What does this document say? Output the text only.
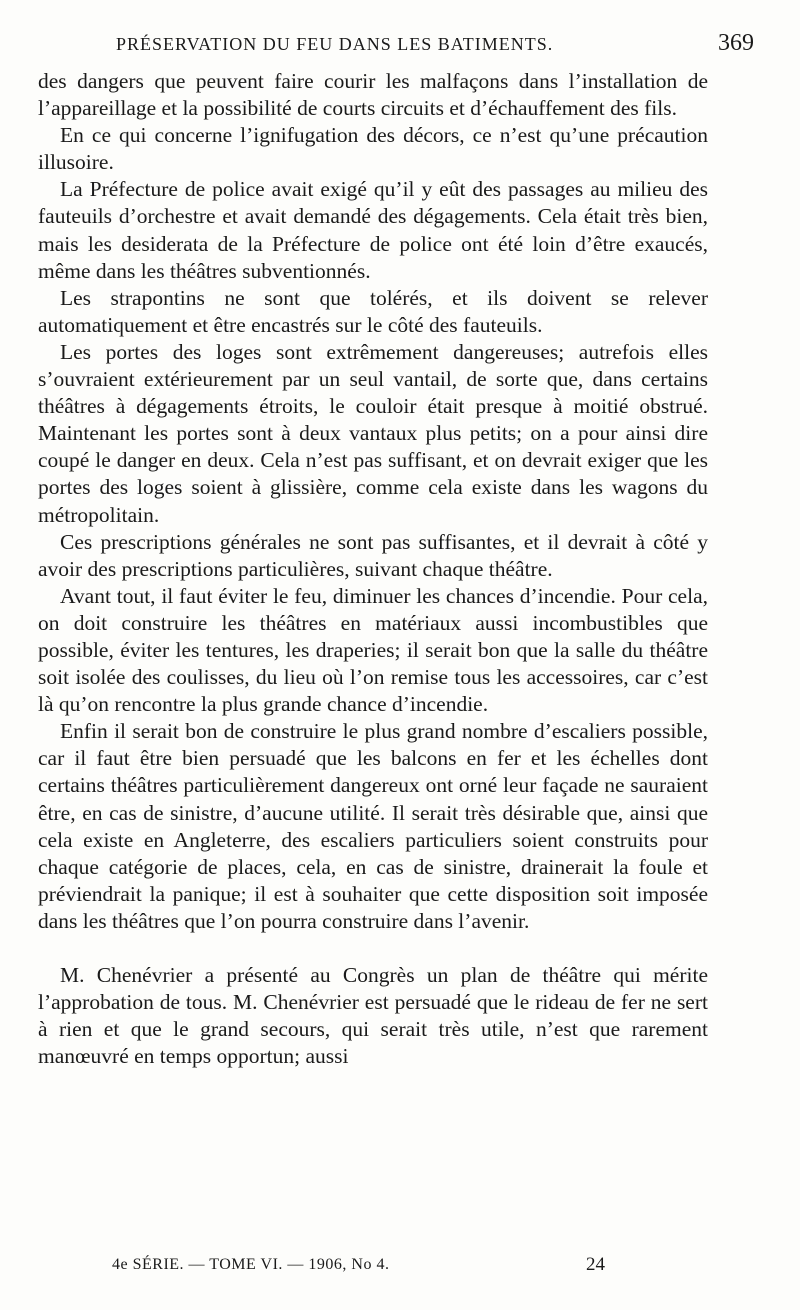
PRÉSERVATION DU FEU DANS LES BATIMENTS.	369

des dangers que peuvent faire courir les malfaçons dans l’installation de l’appareillage et la possibilité de courts circuits et d’échauffement des fils.

En ce qui concerne l’ignifugation des décors, ce n’est qu’une précaution illusoire.

La Préfecture de police avait exigé qu’il y eût des passages au milieu des fauteuils d’orchestre et avait demandé des dégagements. Cela était très bien, mais les desiderata de la Préfecture de police ont été loin d’être exaucés, même dans les théâtres subventionnés.

Les strapontins ne sont que tolérés, et ils doivent se relever automatiquement et être encastrés sur le côté des fauteuils.

Les portes des loges sont extrêmement dangereuses; autrefois elles s’ouvraient extérieurement par un seul vantail, de sorte que, dans certains théâtres à dégagements étroits, le couloir était presque à moitié obstrué. Maintenant les portes sont à deux vantaux plus petits; on a pour ainsi dire coupé le danger en deux. Cela n’est pas suffisant, et on devrait exiger que les portes des loges soient à glissière, comme cela existe dans les wagons du métropolitain.

Ces prescriptions générales ne sont pas suffisantes, et il devrait à côté y avoir des prescriptions particulières, suivant chaque théâtre.

Avant tout, il faut éviter le feu, diminuer les chances d’incendie. Pour cela, on doit construire les théâtres en matériaux aussi incombustibles que possible, éviter les tentures, les draperies; il serait bon que la salle du théâtre soit isolée des coulisses, du lieu où l’on remise tous les accessoires, car c’est là qu’on rencontre la plus grande chance d’incendie.

Enfin il serait bon de construire le plus grand nombre d’escaliers possible, car il faut être bien persuadé que les balcons en fer et les échelles dont certains théâtres particulièrement dangereux ont orné leur façade ne sauraient être, en cas de sinistre, d’aucune utilité. Il serait très désirable que, ainsi que cela existe en Angleterre, des escaliers particuliers soient construits pour chaque catégorie de places, cela, en cas de sinistre, drainerait la foule et préviendrait la panique; il est à souhaiter que cette disposition soit imposée dans les théâtres que l’on pourra construire dans l’avenir.

M. Chenévrier a présenté au Congrès un plan de théâtre qui mérite l’approbation de tous. M. Chenévrier est persuadé que le rideau de fer ne sert à rien et que le grand secours, qui serait très utile, n’est que rarement manœuvré en temps opportun; aussi

4e SÉRIE. — TOME VI. — 1906, No 4.	24
